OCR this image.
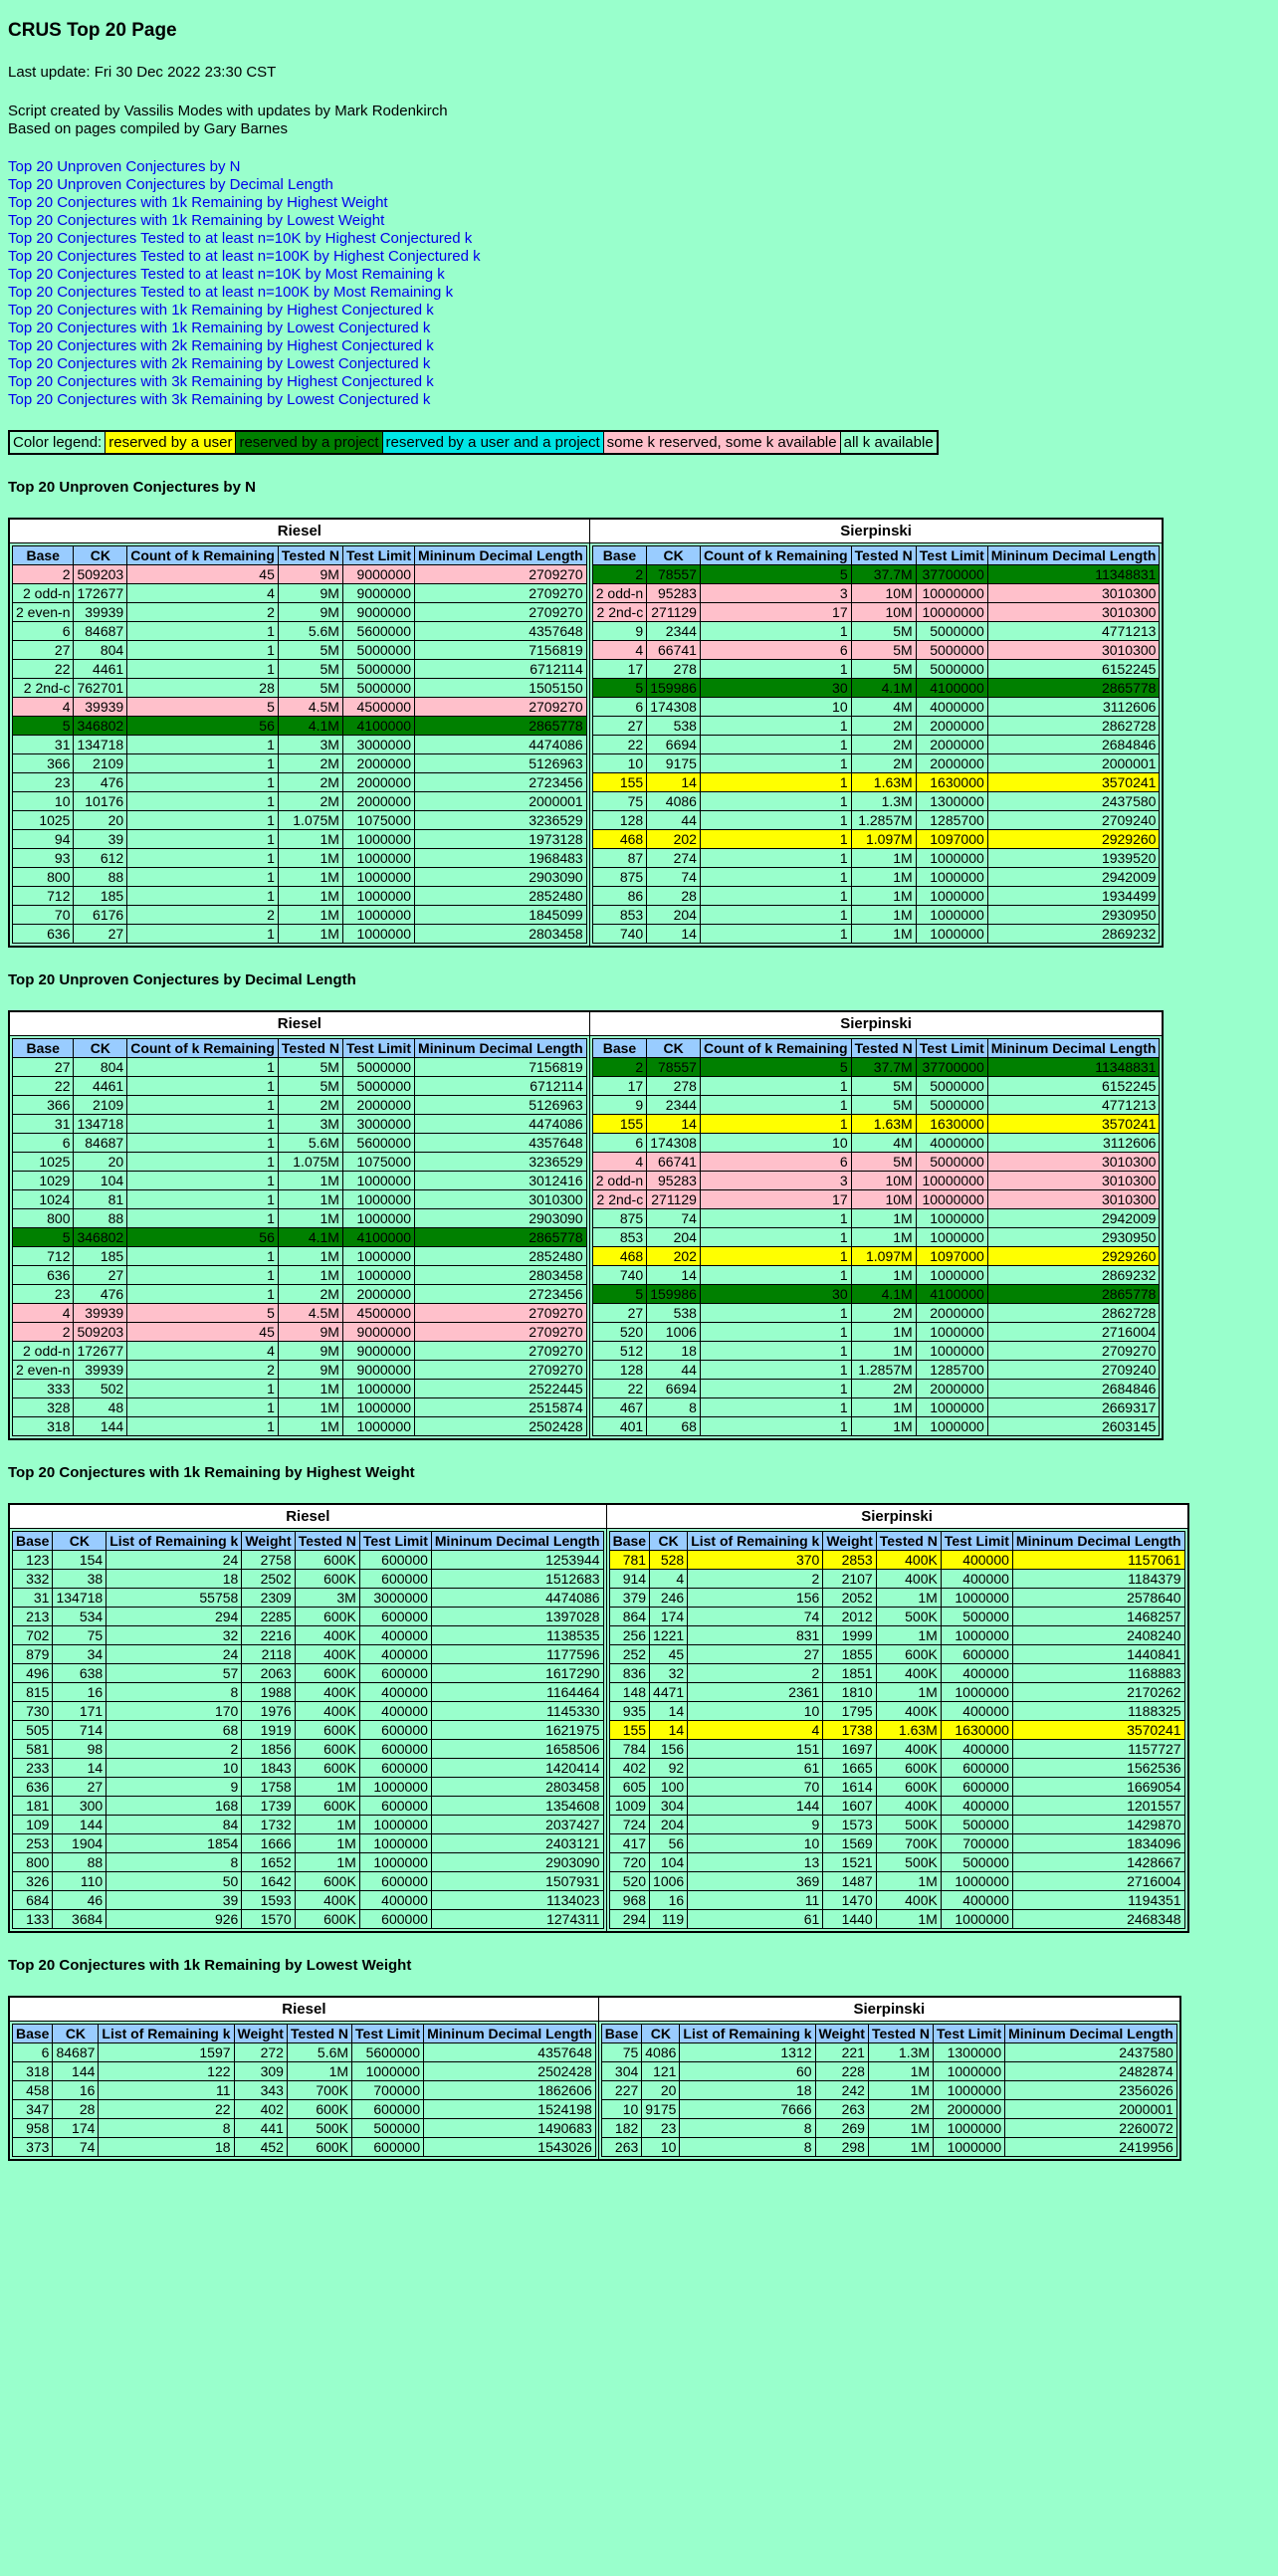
CRUS Top 20 Page
Last update: Fri 30 Dec 2022 23:30 CST

Script created by Vassilis Modes with updates by Mark Rodenkirch

Based on pages compiled by Gary Barnes

Top 20 Unproven Conjectures by N
Top 20 Unproven Conjectures by Decimal Length
Top 20 Conjectures with 1k Remaining by Highest Weight
Top 20 Conjectures with 1k Remaining by Lowest Weight
Top 20 Conjectures Tested to at least n=10K by Highest Conjectured k
Top 20 Conjectures Tested to at least n=100K by Highest Conjectured k
Top 20 Conjectures Tested to at least n=10K by Most Remaining k
Top 20 Conjectures Tested to at least n=100K by Most Remaining k
Top 20 Conjectures with 1k Remaining by Highest Conjectured k
Top 20 Conjectures with 1k Remaining by Lowest Conjectured k
Top 20 Conjectures with 2k Remaining by Highest Conjectured k
Top 20 Conjectures with 2k Remaining by Lowest Conjectured k
Top 20 Conjectures with 3k Remaining by Highest Conjectured k
Top 20 Conjectures with 3k Remaining by Lowest Conjectured k
Color legend:	reserved by a user	reserved by a project	reserved by a user and a project	some k reserved, some k available	all k available
Top 20 Unproven Conjectures by N
Riesel	Sierpinski

Base	CK	Count of k Remaining	Tested N	Test Limit	Mininum Decimal Length
2	509203	45	9M	9000000	2709270
2 odd-n	172677	4	9M	9000000	2709270
2 even-n	39939	2	9M	9000000	2709270
6	84687	1	5.6M	5600000	4357648
27	804	1	5M	5000000	7156819
22	4461	1	5M	5000000	6712114
2 2nd-c	762701	28	5M	5000000	1505150
4	39939	5	4.5M	4500000	2709270
5	346802	56	4.1M	4100000	2865778
31	134718	1	3M	3000000	4474086
366	2109	1	2M	2000000	5126963
23	476	1	2M	2000000	2723456
10	10176	1	2M	2000000	2000001
1025	20	1	1.075M	1075000	3236529
94	39	1	1M	1000000	1973128
93	612	1	1M	1000000	1968483
800	88	1	1M	1000000	2903090
712	185	1	1M	1000000	2852480
70	6176	2	1M	1000000	1845099
636	27	1	1M	1000000	2803458

Base	CK	Count of k Remaining	Tested N	Test Limit	Mininum Decimal Length
2	78557	5	37.7M	37700000	11348831
2 odd-n	95283	3	10M	10000000	3010300
2 2nd-c	271129	17	10M	10000000	3010300
9	2344	1	5M	5000000	4771213
4	66741	6	5M	5000000	3010300
17	278	1	5M	5000000	6152245
5	159986	30	4.1M	4100000	2865778
6	174308	10	4M	4000000	3112606
27	538	1	2M	2000000	2862728
22	6694	1	2M	2000000	2684846
10	9175	1	2M	2000000	2000001
155	14	1	1.63M	1630000	3570241
75	4086	1	1.3M	1300000	2437580
128	44	1	1.2857M	1285700	2709240
468	202	1	1.097M	1097000	2929260
87	274	1	1M	1000000	1939520
875	74	1	1M	1000000	2942009
86	28	1	1M	1000000	1934499
853	204	1	1M	1000000	2930950
740	14	1	1M	1000000	2869232
Top 20 Unproven Conjectures by Decimal Length
Riesel	Sierpinski

Base	CK	Count of k Remaining	Tested N	Test Limit	Mininum Decimal Length
27	804	1	5M	5000000	7156819
22	4461	1	5M	5000000	6712114
366	2109	1	2M	2000000	5126963
31	134718	1	3M	3000000	4474086
6	84687	1	5.6M	5600000	4357648
1025	20	1	1.075M	1075000	3236529
1029	104	1	1M	1000000	3012416
1024	81	1	1M	1000000	3010300
800	88	1	1M	1000000	2903090
5	346802	56	4.1M	4100000	2865778
712	185	1	1M	1000000	2852480
636	27	1	1M	1000000	2803458
23	476	1	2M	2000000	2723456
4	39939	5	4.5M	4500000	2709270
2	509203	45	9M	9000000	2709270
2 odd-n	172677	4	9M	9000000	2709270
2 even-n	39939	2	9M	9000000	2709270
333	502	1	1M	1000000	2522445
328	48	1	1M	1000000	2515874
318	144	1	1M	1000000	2502428

Base	CK	Count of k Remaining	Tested N	Test Limit	Mininum Decimal Length
2	78557	5	37.7M	37700000	11348831
17	278	1	5M	5000000	6152245
9	2344	1	5M	5000000	4771213
155	14	1	1.63M	1630000	3570241
6	174308	10	4M	4000000	3112606
4	66741	6	5M	5000000	3010300
2 odd-n	95283	3	10M	10000000	3010300
2 2nd-c	271129	17	10M	10000000	3010300
875	74	1	1M	1000000	2942009
853	204	1	1M	1000000	2930950
468	202	1	1.097M	1097000	2929260
740	14	1	1M	1000000	2869232
5	159986	30	4.1M	4100000	2865778
27	538	1	2M	2000000	2862728
520	1006	1	1M	1000000	2716004
512	18	1	1M	1000000	2709270
128	44	1	1.2857M	1285700	2709240
22	6694	1	2M	2000000	2684846
467	8	1	1M	1000000	2669317
401	68	1	1M	1000000	2603145
Top 20 Conjectures with 1k Remaining by Highest Weight
Riesel	Sierpinski

Base	CK	List of Remaining k	Weight	Tested N	Test Limit	Mininum Decimal Length
123	154	24	2758	600K	600000	1253944
332	38	18	2502	600K	600000	1512683
31	134718	55758	2309	3M	3000000	4474086
213	534	294	2285	600K	600000	1397028
702	75	32	2216	400K	400000	1138535
879	34	24	2118	400K	400000	1177596
496	638	57	2063	600K	600000	1617290
815	16	8	1988	400K	400000	1164464
730	171	170	1976	400K	400000	1145330
505	714	68	1919	600K	600000	1621975
581	98	2	1856	600K	600000	1658506
233	14	10	1843	600K	600000	1420414
636	27	9	1758	1M	1000000	2803458
181	300	168	1739	600K	600000	1354608
109	144	84	1732	1M	1000000	2037427
253	1904	1854	1666	1M	1000000	2403121
800	88	8	1652	1M	1000000	2903090
326	110	50	1642	600K	600000	1507931
684	46	39	1593	400K	400000	1134023
133	3684	926	1570	600K	600000	1274311

Base	CK	List of Remaining k	Weight	Tested N	Test Limit	Mininum Decimal Length
781	528	370	2853	400K	400000	1157061
914	4	2	2107	400K	400000	1184379
379	246	156	2052	1M	1000000	2578640
864	174	74	2012	500K	500000	1468257
256	1221	831	1999	1M	1000000	2408240
252	45	27	1855	600K	600000	1440841
836	32	2	1851	400K	400000	1168883
148	4471	2361	1810	1M	1000000	2170262
935	14	10	1795	400K	400000	1188325
155	14	4	1738	1.63M	1630000	3570241
784	156	151	1697	400K	400000	1157727
402	92	61	1665	600K	600000	1562536
605	100	70	1614	600K	600000	1669054
1009	304	144	1607	400K	400000	1201557
724	204	9	1573	500K	500000	1429870
417	56	10	1569	700K	700000	1834096
720	104	13	1521	500K	500000	1428667
520	1006	369	1487	1M	1000000	2716004
968	16	11	1470	400K	400000	1194351
294	119	61	1440	1M	1000000	2468348
Top 20 Conjectures with 1k Remaining by Lowest Weight
Riesel	Sierpinski

Base	CK	List of Remaining k	Weight	Tested N	Test Limit	Mininum Decimal Length
6	84687	1597	272	5.6M	5600000	4357648
318	144	122	309	1M	1000000	2502428
458	16	11	343	700K	700000	1862606
347	28	22	402	600K	600000	1524198
958	174	8	441	500K	500000	1490683
373	74	18	452	600K	600000	1543026

Base	CK	List of Remaining k	Weight	Tested N	Test Limit	Mininum Decimal Length
75	4086	1312	221	1.3M	1300000	2437580
304	121	60	228	1M	1000000	2482874
227	20	18	242	1M	1000000	2356026
10	9175	7666	263	2M	2000000	2000001
182	23	8	269	1M	1000000	2260072
263	10	8	298	1M	1000000	2419956
